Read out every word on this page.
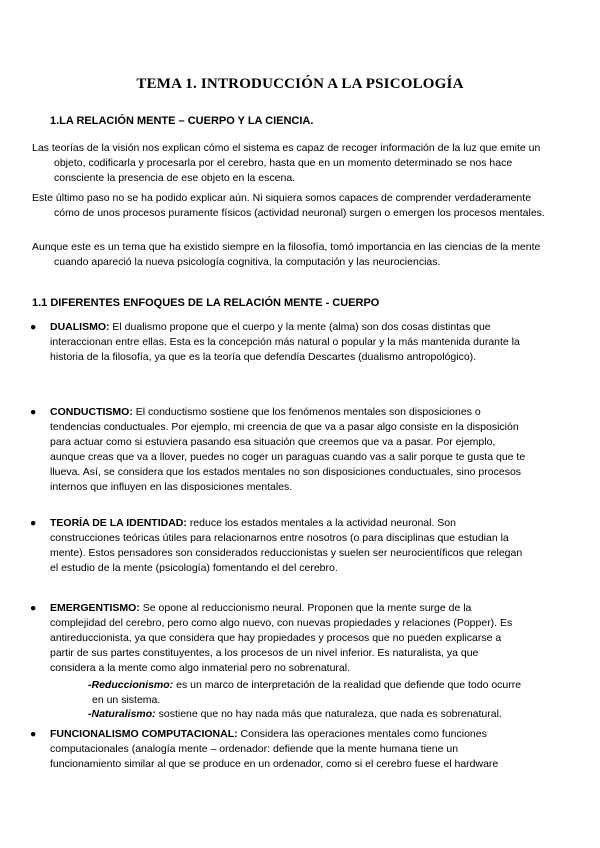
TEMA 1. INTRODUCCIÓN A LA PSICOLOGÍA
1.LA RELACIÓN MENTE – CUERPO Y LA CIENCIA.
Las teorías de la visión nos explican cómo el sistema es capaz de recoger información de la luz que emite un objeto, codificarla y procesarla por el cerebro, hasta que en un momento determinado se nos hace consciente la presencia de ese objeto en la escena.
Este último paso no se ha podido explicar aún. Ni siquiera somos capaces de comprender verdaderamente cómo de unos procesos puramente físicos (actividad neuronal) surgen o emergen los procesos mentales.
Aunque este es un tema que ha existido siempre en la filosofía, tomó importancia en las ciencias de la mente cuando apareció la nueva psicología cognitiva, la computación y las neurociencias.
1.1 DIFERENTES ENFOQUES DE LA RELACIÓN MENTE - CUERPO
●	DUALISMO: El dualismo propone que el cuerpo y la mente (alma) son dos cosas distintas que interaccionan entre ellas. Esta es la concepción más natural o popular y la más mantenida durante la historia de la filosofía, ya que es la teoría que defendía Descartes (dualismo antropológico).
●	CONDUCTISMO: El conductismo sostiene que los fenómenos mentales son disposiciones o tendencias conductuales. Por ejemplo, mi creencia de que va a pasar algo consiste en la disposición para actuar como si estuviera pasando esa situación que creemos que va a pasar. Por ejemplo, aunque creas que va a llover, puedes no coger un paraguas cuando vas a salir porque te gusta que te llueva. Así, se considera que los estados mentales no son disposiciones conductuales, sino procesos internos que influyen en las disposiciones mentales.
●	TEORÍA DE LA IDENTIDAD: reduce los estados mentales a la actividad neuronal. Son construcciones teóricas útiles para relacionarnos entre nosotros (o para disciplinas que estudian la mente). Estos pensadores son considerados reduccionistas y suelen ser neurocientíficos que relegan el estudio de la mente (psicología) fomentando el del cerebro.
●	EMERGENTISMO: Se opone al reduccionismo neural. Proponen que la mente surge de la complejidad del cerebro, pero como algo nuevo, con nuevas propiedades y relaciones (Popper). Es antireduccionista, ya que considera que hay propiedades y procesos que no pueden explicarse a partir de sus partes constituyentes, a los procesos de un nivel inferior. Es naturalista, ya que considera a la mente como algo inmaterial pero no sobrenatural.
-Reduccionismo: es un marco de interpretación de la realidad que defiende que todo ocurre en un sistema.
-Naturalismo: sostiene que no hay nada más que naturaleza, que nada es sobrenatural.
●	FUNCIONALISMO COMPUTACIONAL: Considera las operaciones mentales como funciones computacionales (analogía mente – ordenador: defiende que la mente humana tiene un funcionamiento similar al que se produce en un ordenador, como si el cerebro fuese el hardware
